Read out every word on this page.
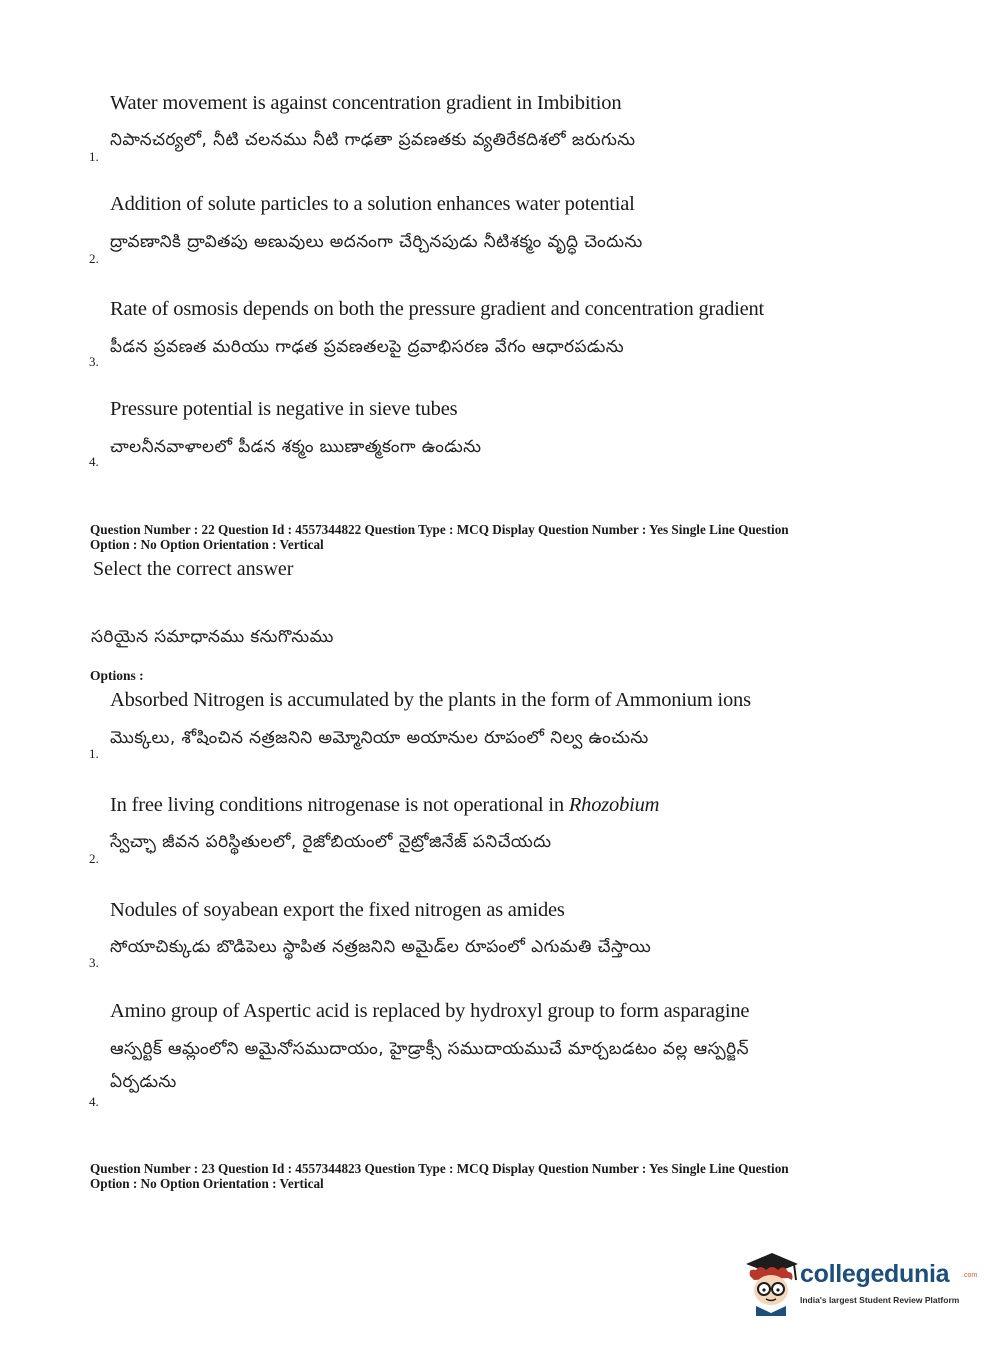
Water movement is against concentration gradient in Imbibition
నిపానచర్యలో, నీటి చలనము నీటి గాఢతా ప్రవణతకు వ్యతిరేకదిశలో జరుగును
1.
Addition of solute particles to a solution enhances water potential
ద్రావణానికి ద్రావితపు అణువులు అదనంగా చేర్చినపుడు నీటిశక్మం వృద్ధి చెందును
2.
Rate of osmosis depends on both the pressure gradient and concentration gradient
పీడన ప్రవణత మరియు గాఢత ప్రవణతలపై ద్రవాభిసరణ వేగం ఆధారపడును
3.
Pressure potential is negative in sieve tubes
చాలనీనవాళాలలో పీడన శక్మం ఋణాత్మకంగా ఉండును
4.
Question Number : 22 Question Id : 4557344822 Question Type : MCQ Display Question Number : Yes Single Line Question
Option : No Option Orientation : Vertical
Select the correct answer
సరియైన సమాధానము కనుగొనుము
Options :
Absorbed Nitrogen is accumulated by the plants in the form of Ammonium ions
మొక్కలు, శోషించిన నత్రజనిని అమ్మోనియా అయానుల రూపంలో నిల్వ ఉంచును
1.
In free living conditions nitrogenase is not operational in Rhozobium
స్వేచ్ఛా జీవన పరిస్థితులలో, రైజోబియంలో నైట్రోజినేజ్ పనిచేయదు
2.
Nodules of soyabean export the fixed nitrogen as amides
సోయాచిక్కుడు బొడిపెలు స్థాపిత నత్రజనిని అమైడ్‌ల రూపంలో ఎగుమతి చేస్తాయి
3.
Amino group of Aspertic acid is replaced by hydroxyl group to form asparagine
ఆస్పర్టిక్ ఆమ్లంలోని అమైనోసముదాయం, హైడ్రాక్సీ సముదాయముచే మార్చబడటం వల్ల ఆస్పర్జిన్
ఏర్పడును
4.
Question Number : 23 Question Id : 4557344823 Question Type : MCQ Display Question Number : Yes Single Line Question
Option : No Option Orientation : Vertical
collegedunia .com
India's largest Student Review Platform
